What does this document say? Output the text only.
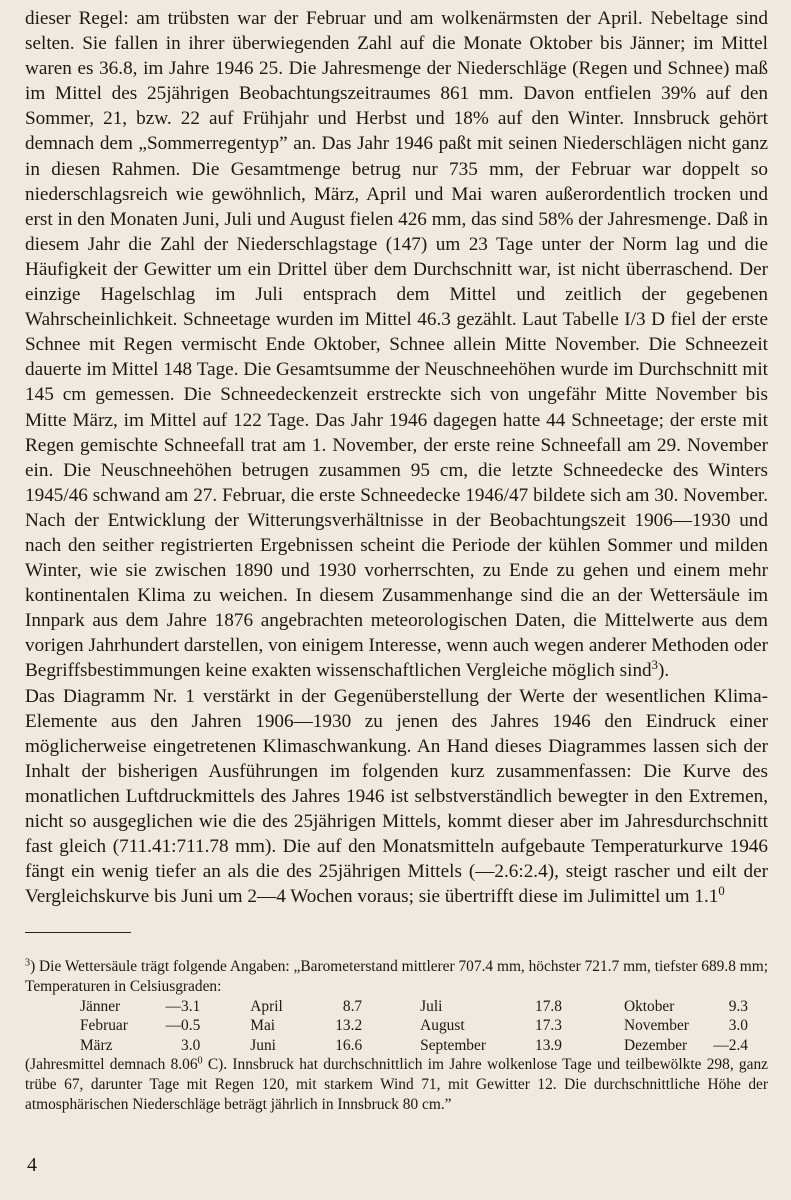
dieser Regel: am trübsten war der Februar und am wolkenärmsten der April. Nebeltage sind selten. Sie fallen in ihrer überwiegenden Zahl auf die Monate Oktober bis Jänner; im Mittel waren es 36.8, im Jahre 1946 25. Die Jahresmenge der Niederschläge (Regen und Schnee) maß im Mittel des 25jährigen Beobachtungszeitraumes 861 mm. Davon entfielen 39% auf den Sommer, 21, bzw. 22 auf Frühjahr und Herbst und 18% auf den Winter. Innsbruck gehört demnach dem „Sommerregentyp” an. Das Jahr 1946 paßt mit seinen Niederschlägen nicht ganz in diesen Rahmen. Die Gesamtmenge betrug nur 735 mm, der Februar war doppelt so niederschlagsreich wie gewöhnlich, März, April und Mai waren außerordentlich trocken und erst in den Monaten Juni, Juli und August fielen 426 mm, das sind 58% der Jahresmenge. Daß in diesem Jahr die Zahl der Niederschlagstage (147) um 23 Tage unter der Norm lag und die Häufigkeit der Gewitter um ein Drittel über dem Durchschnitt war, ist nicht überraschend. Der einzige Hagelschlag im Juli entsprach dem Mittel und zeitlich der gegebenen Wahrscheinlichkeit. Schneetage wurden im Mittel 46.3 gezählt. Laut Tabelle I/3 D fiel der erste Schnee mit Regen vermischt Ende Oktober, Schnee allein Mitte November. Die Schneezeit dauerte im Mittel 148 Tage. Die Gesamtsumme der Neuschneehöhen wurde im Durchschnitt mit 145 cm gemessen. Die Schneedeckenzeit erstreckte sich von ungefähr Mitte November bis Mitte März, im Mittel auf 122 Tage. Das Jahr 1946 dagegen hatte 44 Schneetage; der erste mit Regen gemischte Schneefall trat am 1. November, der erste reine Schneefall am 29. November ein. Die Neuschneehöhen betrugen zusammen 95 cm, die letzte Schneedecke des Winters 1945/46 schwand am 27. Februar, die erste Schneedecke 1946/47 bildete sich am 30. November. Nach der Entwicklung der Witterungsverhältnisse in der Beobachtungszeit 1906—1930 und nach den seither registrierten Ergebnissen scheint die Periode der kühlen Sommer und milden Winter, wie sie zwischen 1890 und 1930 vorherrschten, zu Ende zu gehen und einem mehr kontinentalen Klima zu weichen. In diesem Zusammenhange sind die an der Wettersäule im Innpark aus dem Jahre 1876 angebrachten meteorologischen Daten, die Mittelwerte aus dem vorigen Jahrhundert darstellen, von einigem Interesse, wenn auch wegen anderer Methoden oder Begriffsbestimmungen keine exakten wissenschaftlichen Vergleiche möglich sind$^3$).

Das Diagramm Nr. 1 verstärkt in der Gegenüberstellung der Werte der wesentlichen Klima-Elemente aus den Jahren 1906—1930 zu jenen des Jahres 1946 den Eindruck einer möglicherweise eingetretenen Klimaschwankung. An Hand dieses Diagrammes lassen sich der Inhalt der bisherigen Ausführungen im folgenden kurz zusammenfassen: Die Kurve des monatlichen Luftdruckmittels des Jahres 1946 ist selbstverständlich bewegter in den Extremen, nicht so ausgeglichen wie die des 25jährigen Mittels, kommt dieser aber im Jahresdurchschnitt fast gleich (711.41:711.78 mm). Die auf den Monatsmitteln aufgebaute Temperaturkurve 1946 fängt ein wenig tiefer an als die des 25jährigen Mittels (—2.6:2.4), steigt rascher und eilt der Vergleichskurve bis Juni um 2—4 Wochen voraus; sie übertrifft diese im Julimittel um $1.1^0$

$^3$) Die Wettersäule trägt folgende Angaben: „Barometerstand mittlerer 707.4 mm, höchster 721.7 mm, tiefster 689.8 mm; Temperaturen in Celsiusgraden:

Jänner	—3.1	April	8.7	Juli	17.8	Oktober	9.3
Februar	—0.5	Mai	13.2	August	17.3	November	3.0
März	3.0	Juni	16.6	September	13.9	Dezember	—2.4

(Jahresmittel demnach 8.06$^0$ C). Innsbruck hat durchschnittlich im Jahre wolkenlose Tage und teilbewölkte 298, ganz trübe 67, darunter Tage mit Regen 120, mit starkem Wind 71, mit Gewitter 12. Die durchschnittliche Höhe der atmosphärischen Niederschläge beträgt jährlich in Innsbruck 80 cm.”

4
